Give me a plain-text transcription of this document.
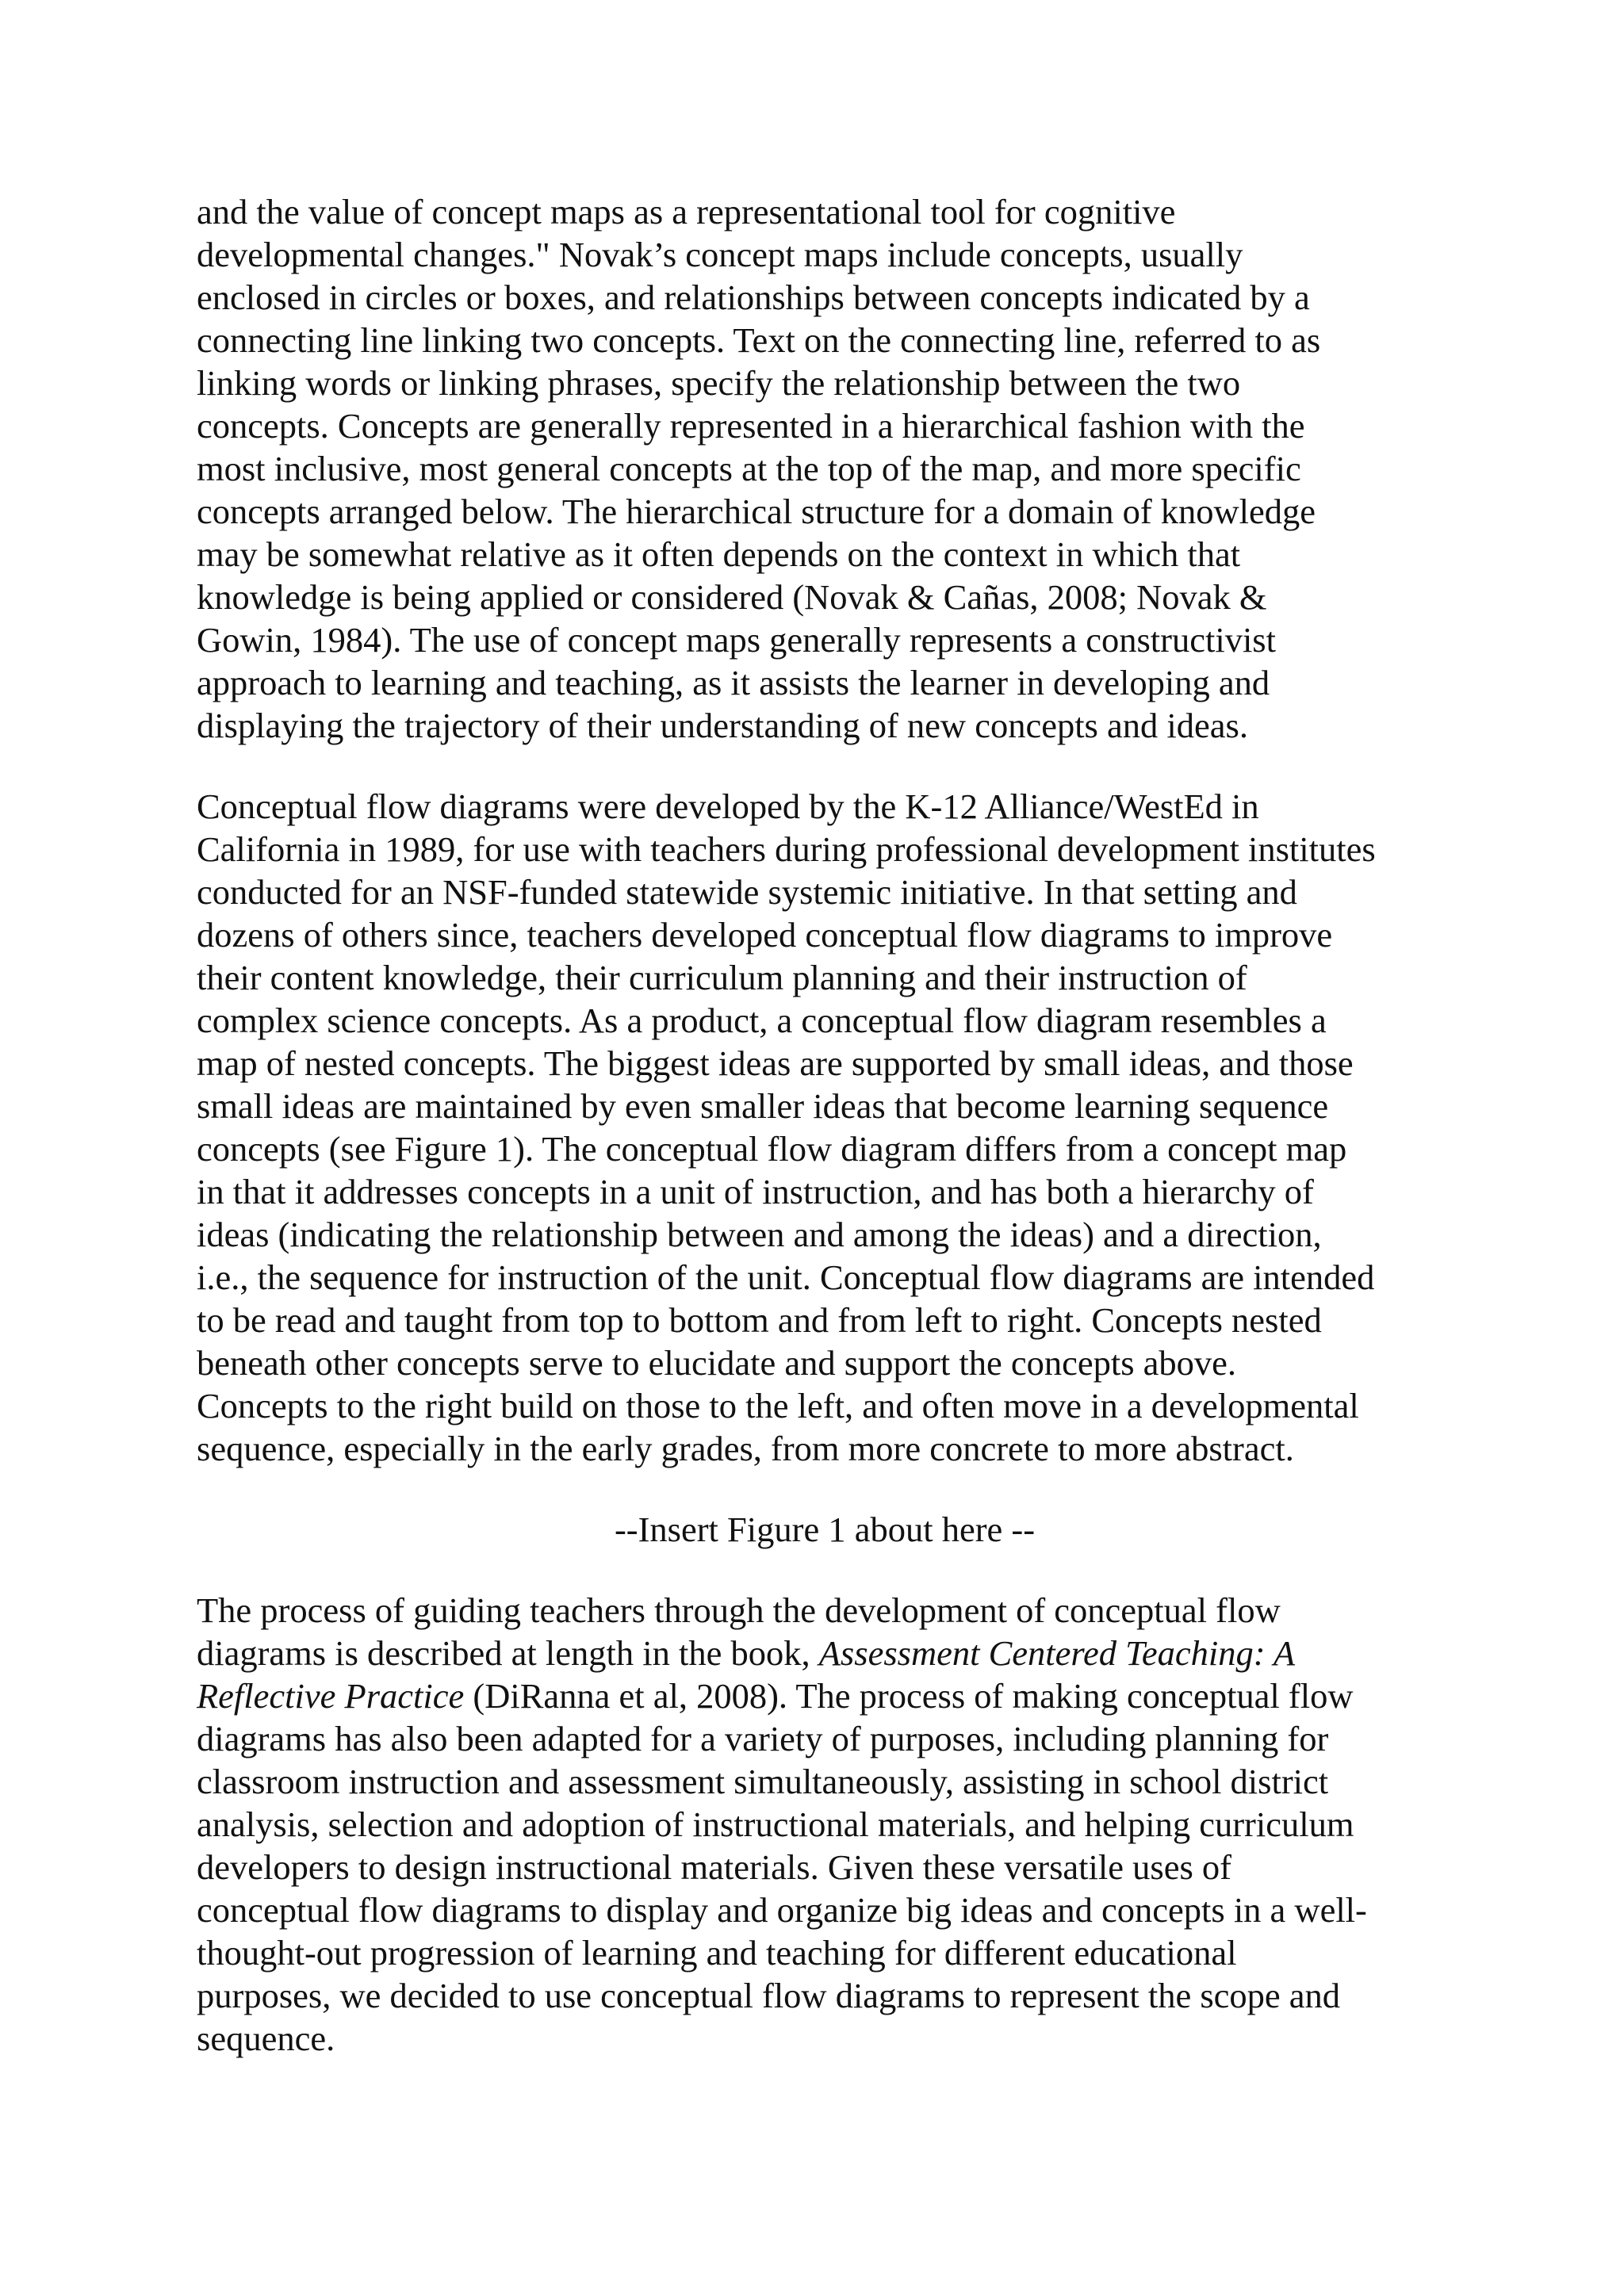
and the value of concept maps as a representational tool for cognitive
developmental changes." Novak’s concept maps include concepts, usually
enclosed in circles or boxes, and relationships between concepts indicated by a
connecting line linking two concepts. Text on the connecting line, referred to as
linking words or linking phrases, specify the relationship between the two
concepts. Concepts are generally represented in a hierarchical fashion with the
most inclusive, most general concepts at the top of the map, and more specific
concepts arranged below. The hierarchical structure for a domain of knowledge
may be somewhat relative as it often depends on the context in which that
knowledge is being applied or considered (Novak & Cañas, 2008; Novak &
Gowin, 1984). The use of concept maps generally represents a constructivist
approach to learning and teaching, as it assists the learner in developing and
displaying the trajectory of their understanding of new concepts and ideas.

Conceptual flow diagrams were developed by the K-12 Alliance/WestEd in
California in 1989, for use with teachers during professional development institutes
conducted for an NSF-funded statewide systemic initiative. In that setting and
dozens of others since, teachers developed conceptual flow diagrams to improve
their content knowledge, their curriculum planning and their instruction of
complex science concepts. As a product, a conceptual flow diagram resembles a
map of nested concepts. The biggest ideas are supported by small ideas, and those
small ideas are maintained by even smaller ideas that become learning sequence
concepts (see Figure 1). The conceptual flow diagram differs from a concept map
in that it addresses concepts in a unit of instruction, and has both a hierarchy of
ideas (indicating the relationship between and among the ideas) and a direction,
i.e., the sequence for instruction of the unit. Conceptual flow diagrams are intended
to be read and taught from top to bottom and from left to right. Concepts nested
beneath other concepts serve to elucidate and support the concepts above.
Concepts to the right build on those to the left, and often move in a developmental
sequence, especially in the early grades, from more concrete to more abstract.

--Insert Figure 1 about here --

The process of guiding teachers through the development of conceptual flow
diagrams is described at length in the book, Assessment Centered Teaching: A
Reflective Practice (DiRanna et al, 2008). The process of making conceptual flow
diagrams has also been adapted for a variety of purposes, including planning for
classroom instruction and assessment simultaneously, assisting in school district
analysis, selection and adoption of instructional materials, and helping curriculum
developers to design instructional materials. Given these versatile uses of
conceptual flow diagrams to display and organize big ideas and concepts in a well-
thought-out progression of learning and teaching for different educational
purposes, we decided to use conceptual flow diagrams to represent the scope and
sequence.
